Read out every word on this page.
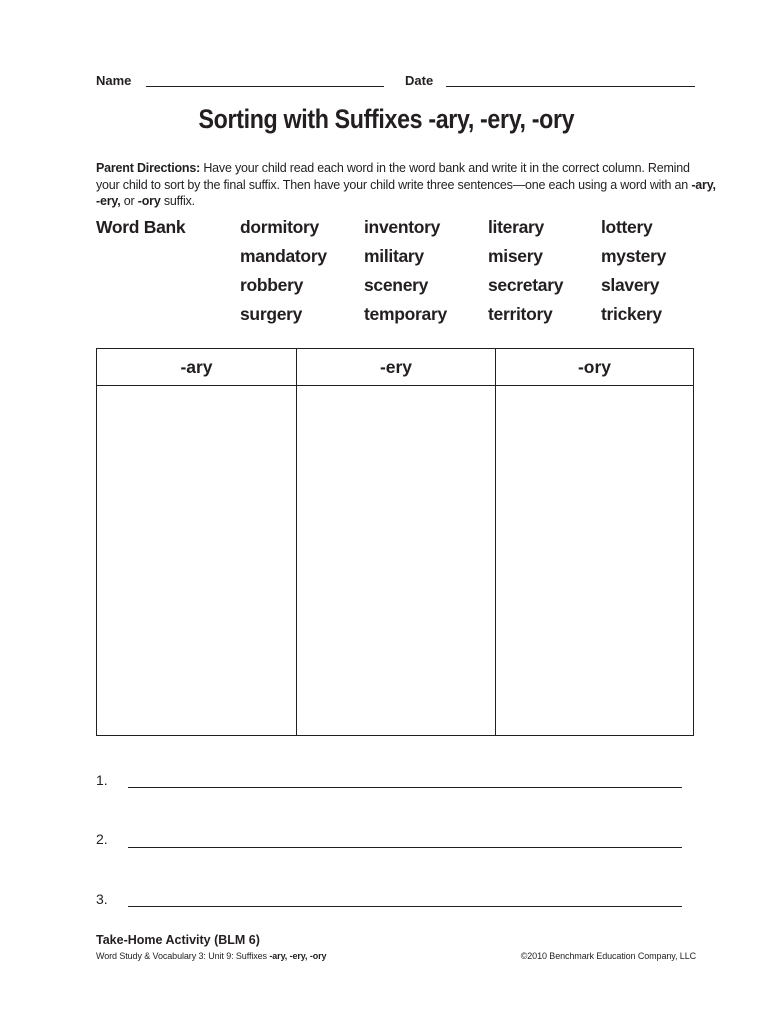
Name	Date
Sorting with Suffixes -ary, -ery, -ory
Parent Directions: Have your child read each word in the word bank and write it in the correct column. Remind your child to sort by the final suffix. Then have your child write three sentences—one each using a word with an -ary, -ery, or -ory suffix.
Word Bank	dormitory	inventory	literary	lottery
mandatory	military	misery	mystery
robbery	scenery	secretary	slavery
surgery	temporary	territory	trickery
-ary	-ery	-ory
1.
2.
3.
Take-Home Activity (BLM 6)
Word Study & Vocabulary 3: Unit 9: Suffixes -ary, -ery, -ory	©2010 Benchmark Education Company, LLC
